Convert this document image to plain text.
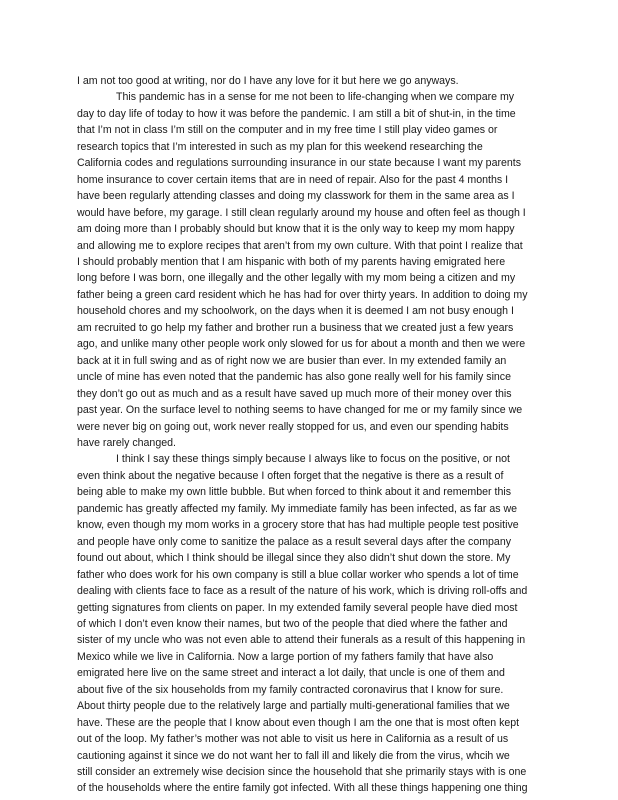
I am not too good at writing, nor do I have any love for it but here we go anyways.

This pandemic has in a sense for me not been to life-changing when we compare my
day to day life of today to how it was before the pandemic. I am still a bit of shut-in, in the time
that I’m not in class I’m still on the computer and in my free time I still play video games or
research topics that I’m interested in such as my plan for this weekend researching the
California codes and regulations surrounding insurance in our state because I want my parents
home insurance to cover certain items that are in need of repair. Also for the past 4 months I
have been regularly attending classes and doing my classwork for them in the same area as I
would have before, my garage. I still clean regularly around my house and often feel as though I
am doing more than I probably should but know that it is the only way to keep my mom happy
and allowing me to explore recipes that aren’t from my own culture. With that point I realize that
I should probably mention that I am hispanic with both of my parents having emigrated here
long before I was born, one illegally and the other legally with my mom being a citizen and my
father being a green card resident which he has had for over thirty years. In addition to doing my
household chores and my schoolwork, on the days when it is deemed I am not busy enough I
am recruited to go help my father and brother run a business that we created just a few years
ago, and unlike many other people work only slowed for us for about a month and then we were
back at it in full swing and as of right now we are busier than ever. In my extended family an
uncle of mine has even noted that the pandemic has also gone really well for his family since
they don’t go out as much and as a result have saved up much more of their money over this
past year. On the surface level to nothing seems to have changed for me or my family since we
were never big on going out, work never really stopped for us, and even our spending habits
have rarely changed.

I think I say these things simply because I always like to focus on the positive, or not
even think about the negative because I often forget that the negative is there as a result of
being able to make my own little bubble. But when forced to think about it and remember this
pandemic has greatly affected my family. My immediate family has been infected, as far as we
know, even though my mom works in a grocery store that has had multiple people test positive
and people have only come to sanitize the palace as a result several days after the company
found out about, which I think should be illegal since they also didn’t shut down the store. My
father who does work for his own company is still a blue collar worker who spends a lot of time
dealing with clients face to face as a result of the nature of his work, which is driving roll-offs and
getting signatures from clients on paper. In my extended family several people have died most
of which I don’t even know their names, but two of the people that died where the father and
sister of my uncle who was not even able to attend their funerals as a result of this happening in
Mexico while we live in California. Now a large portion of my fathers family that have also
emigrated here live on the same street and interact a lot daily, that uncle is one of them and
about five of the six households from my family contracted coronavirus that I know for sure.
About thirty people due to the relatively large and partially multi-generational families that we
have. These are the people that I know about even though I am the one that is most often kept
out of the loop. My father’s mother was not able to visit us here in California as a result of us
cautioning against it since we do not want her to fall ill and likely die from the virus, whcih we
still consider an extremely wise decision since the household that she primarily stays with is one
of the households where the entire family got infected. With all these things happening one thing
